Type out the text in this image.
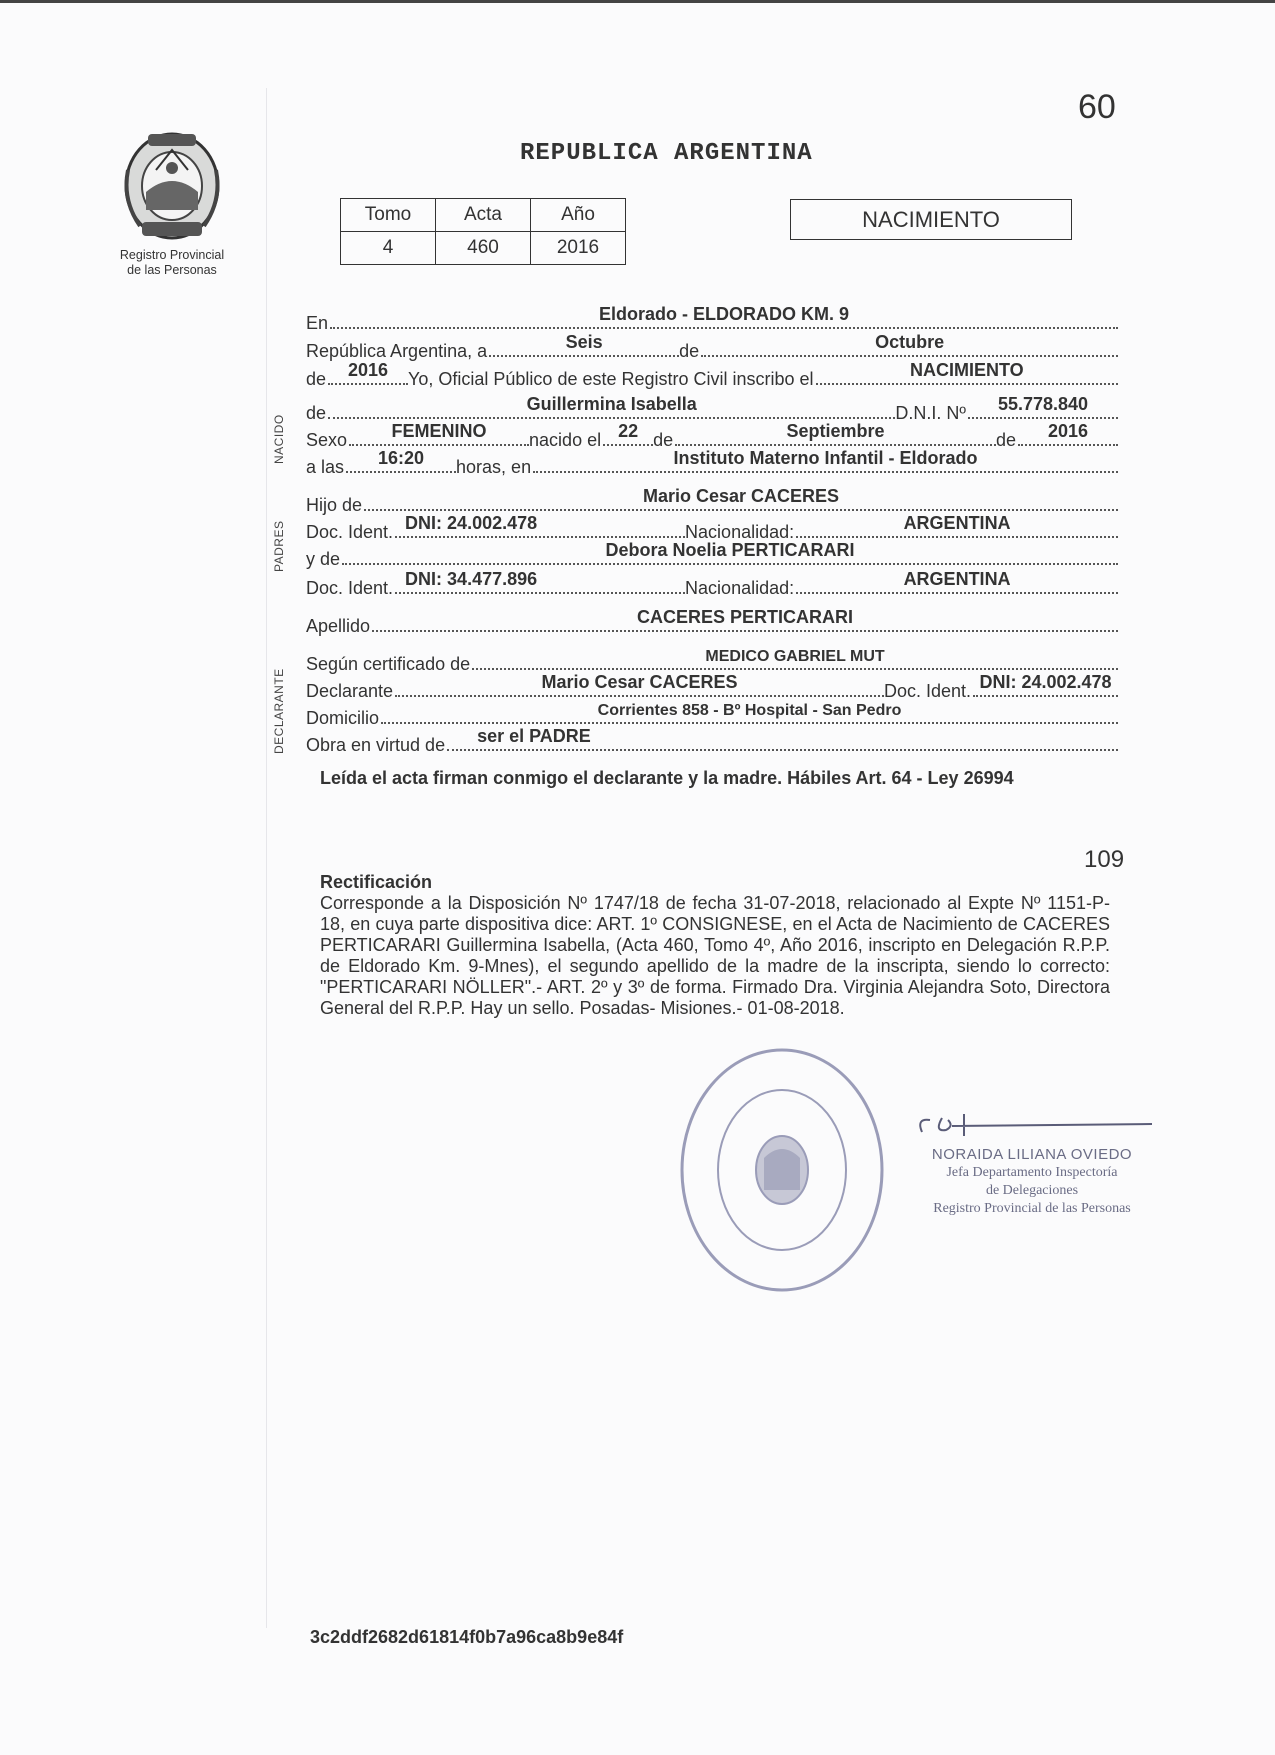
60
Registro Provincial
de las Personas
REPUBLICA ARGENTINA
Tomo	Acta	Año
4	460	2016
NACIMIENTO
NACIDO
PADRES
DECLARANTE
En	Eldorado - ELDORADO KM. 9
República Argentina, a	Seis	de	Octubre
de 2016 Yo, Oficial Público de este Registro Civil inscribo el	NACIMIENTO
de	Guillermina Isabella	D.N.I. Nº 55.778.840
Sexo FEMENINO nacido el 22 de	Septiembre	de 2016
a las 16:20 horas, en	Instituto Materno Infantil - Eldorado
Hijo de	Mario Cesar CACERES
Doc. Ident. DNI: 24.002.478	Nacionalidad:	ARGENTINA
y de	Debora Noelia PERTICARARI
Doc. Ident. DNI: 34.477.896	Nacionalidad:	ARGENTINA
Apellido	CACERES PERTICARARI
Según certificado de	MEDICO GABRIEL MUT
Declarante	Mario Cesar CACERES	Doc. Ident. DNI: 24.002.478
Domicilio	Corrientes 858 - Bº Hospital - San Pedro
Obra en virtud de ser el PADRE
Leída el acta firman conmigo el declarante y la madre. Hábiles Art. 64 - Ley 26994
109
Rectificación
Corresponde a la Disposición Nº 1747/18 de fecha 31-07-2018, relacionado al Expte Nº 1151-P-18, en cuya parte dispositiva dice: ART. 1º CONSIGNESE, en el Acta de Nacimiento de CACERES PERTICARARI Guillermina Isabella, (Acta 460, Tomo 4º, Año 2016, inscripto en Delegación R.P.P. de Eldorado Km. 9-Mnes), el segundo apellido de la madre de la inscripta, siendo lo correcto: "PERTICARARI NÖLLER".- ART. 2º y 3º de forma. Firmado Dra. Virginia Alejandra Soto, Directora General del R.P.P. Hay un sello. Posadas- Misiones.- 01-08-2018.
NORAIDA LILIANA OVIEDO
Jefa Departamento Inspectoría
de Delegaciones
Registro Provincial de las Personas
3c2ddf2682d61814f0b7a96ca8b9e84f
